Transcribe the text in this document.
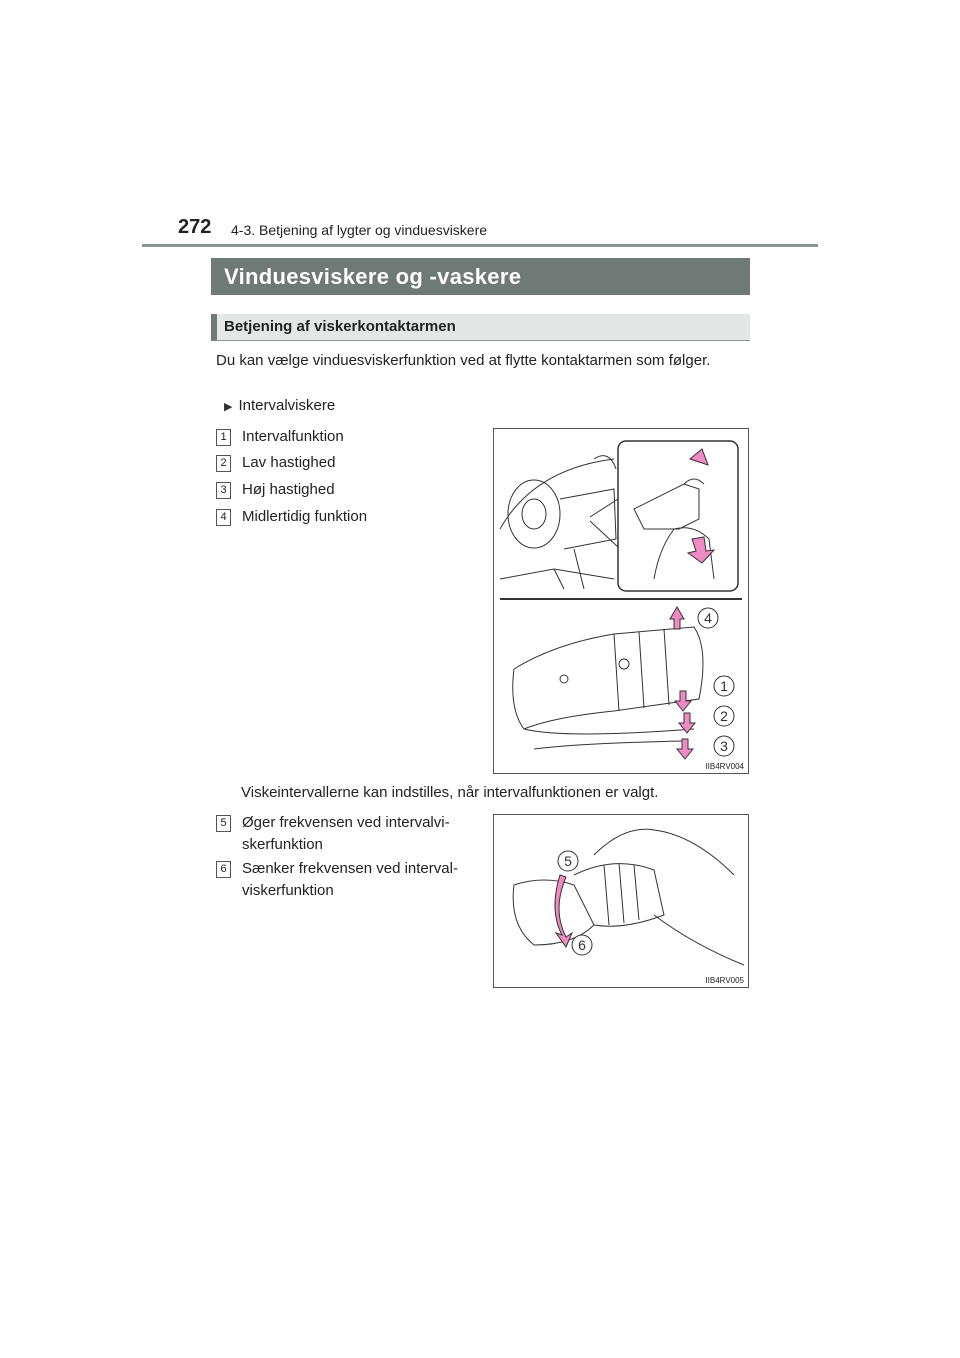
272 4-3. Betjening af lygter og vinduesviskere
Vinduesviskere og -vaskere
Betjening af viskerkontaktarmen
Du kan vælge vinduesviskerfunktion ved at flytte kontaktarmen som følger.
▶ Intervalviskere
1 Intervalfunktion
2 Lav hastighed
3 Høj hastighed
4 Midlertidig funktion
4
1
2
3
IIB4RV004
Viskeintervallerne kan indstilles, når intervalfunktionen er valgt.
5 Øger frekvensen ved intervalvi-skerfunktion
6 Sænker frekvensen ved interval-viskerfunktion
5
6
IIB4RV005
